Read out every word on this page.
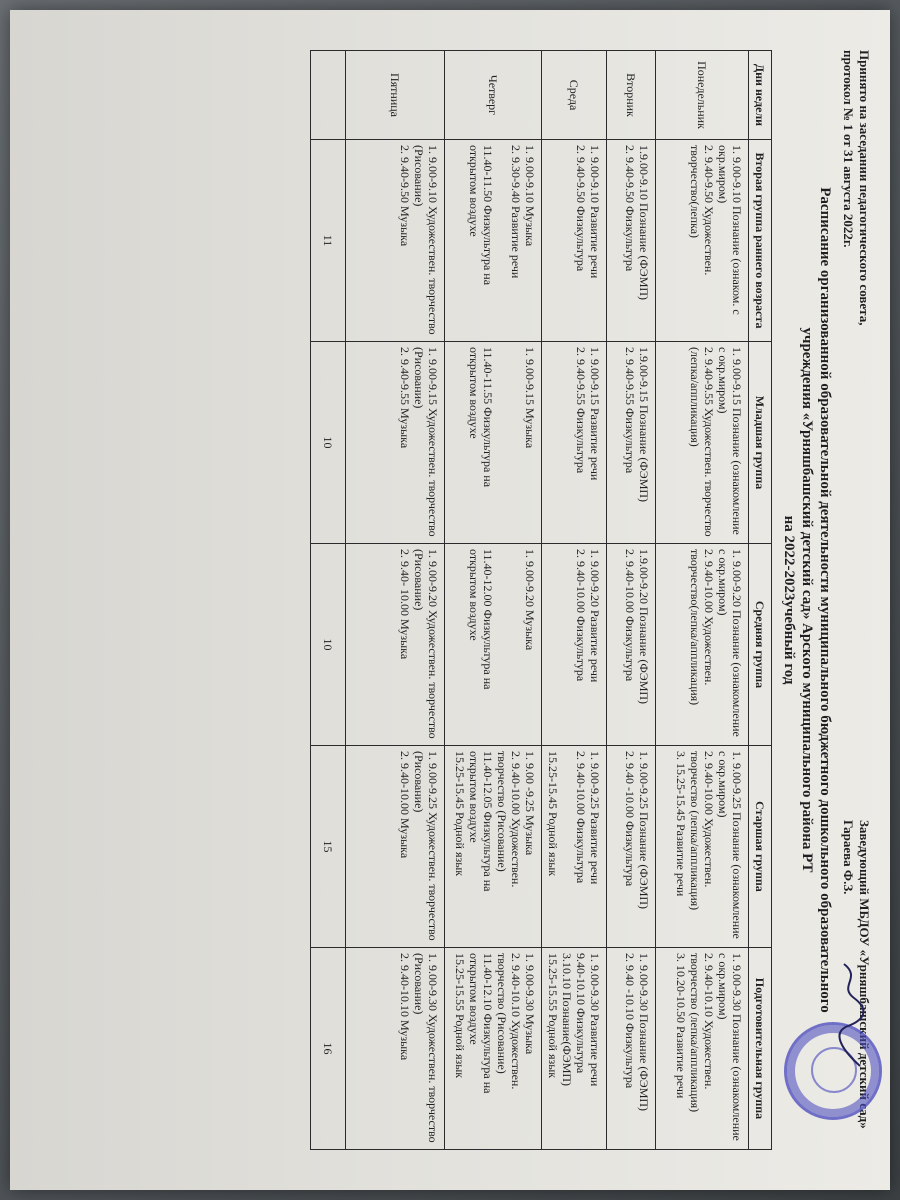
Принято на заседании педагогического совета,
протокол № 1 от 31 августа 2022г.
Заведующий МБДОУ «Урняшбашский детский сад»
Гараева Ф.З.
Расписание организованной образовательной деятельности муниципального бюджетного дошкольного образовательного
учреждения «Урняшбашский детский сад» Арского муниципального района РТ
на 2022-2023учебный год
Дни недели	Вторая группа раннего возраста	Младшая группа	Средняя группа	Старшая группа	Подготовительная группа
Понедельник	1. 9.00-9.10 Познание (ознаком. с окр.миром)
2. 9.40-9.50 Художествен. творчество(лепка)	1. 9.00-9.15 Познание (ознакомление с окр.миром)
2. 9.40-9.55 Художествен. творчество (лепка/аппликация)	1. 9.00-9.20 Познание (ознакомление с окр.миром)
2. 9.40-10.00 Художествен. творчество(лепка/аппликация)	1. 9.00-9.25 Познание (ознакомление с окр.миром)
2. 9.40-10.00 Художествен. творчество (лепка/аппликация)
3. 15.25-15.45 Развитие речи	1. 9.00-9.30 Познание (ознакомление с окр.миром)
2. 9.40-10.10 Художествен. творчество (лепка/аппликация)
3. 10.20-10.50 Развитие речи

Вторник	1.9.00-9.10 Познание (ФЭМП)
2. 9.40-9.50 Физкультура	1.9.00-9.15 Познание (ФЭМП)
2. 9.40-9.55 Физкультура	1.9.00-9.20 Познание (ФЭМП)
2. 9.40-10.00 Физкультура	1. 9.00-9.25 Познание (ФЭМП)
2. 9.40 -10.00 Физкультура	1. 9.00-9.30 Познание (ФЭМП)
2. 9.40 -10.10 Физкультура

Среда	1. 9.00-9.10 Развитие речи
2. 9.40-9.50 Физкультура	1. 9.00-9.15 Развитие речи
2. 9.40-9.55 Физкультура	1. 9.00-9.20 Развитие речи
2. 9.40-10.00 Физкультура	1. 9.00-9.25 Развитие речи
2. 9.40-10.00 Физкультура
15.25-15.45 Родной язык	1. 9.00-9.30 Развитие речи
9.40-10.10 Физкультура
3.10.10 Познание(ФЭМП)
15.25-15.55 Родной язык

Четверг	1. 9.00-9.10 Музыка
2. 9.30-9.40 Развитие речи
11.40-11.50 Физкультура на открытом воздухе	1. 9.00-9.15 Музыка
11.40-11.55 Физкультура на открытом воздухе	1. 9.00-9.20 Музыка
11.40-12.00 Физкультура на открытом воздухе	1. 9.00 -9.25 Музыка
2. 9.40-10.00 Художествен. творчество (Рисование)
11.40-12.05 Физкультура на открытом воздухе
15.25-15.45 Родной язык	1. 9.00-9.30 Музыка
2. 9.40-10.10 Художествен. творчество (Рисование)
11.40-12.10 Физкультура на открытом воздухе
15.25-15.55 Родной язык

Пятница	1. 9.00-9.10 Художествен. творчество (Рисование)
2. 9.40-9.50 Музыка	1. 9.00-9.15 Художествен. творчество (Рисование)
2. 9.40-9.55 Музыка	1. 9.00-9.20 Художествен. творчество (Рисование)
2. 9.40- 10.00 Музыка	1. 9.00-9.25 Художествен. творчество (Рисование)
2. 9.40-10.00 Музыка	1. 9.00-9.30 Художествен. творчество (Рисование)
2. 9.40-10.10 Музыка

	11	10	10	15	16
